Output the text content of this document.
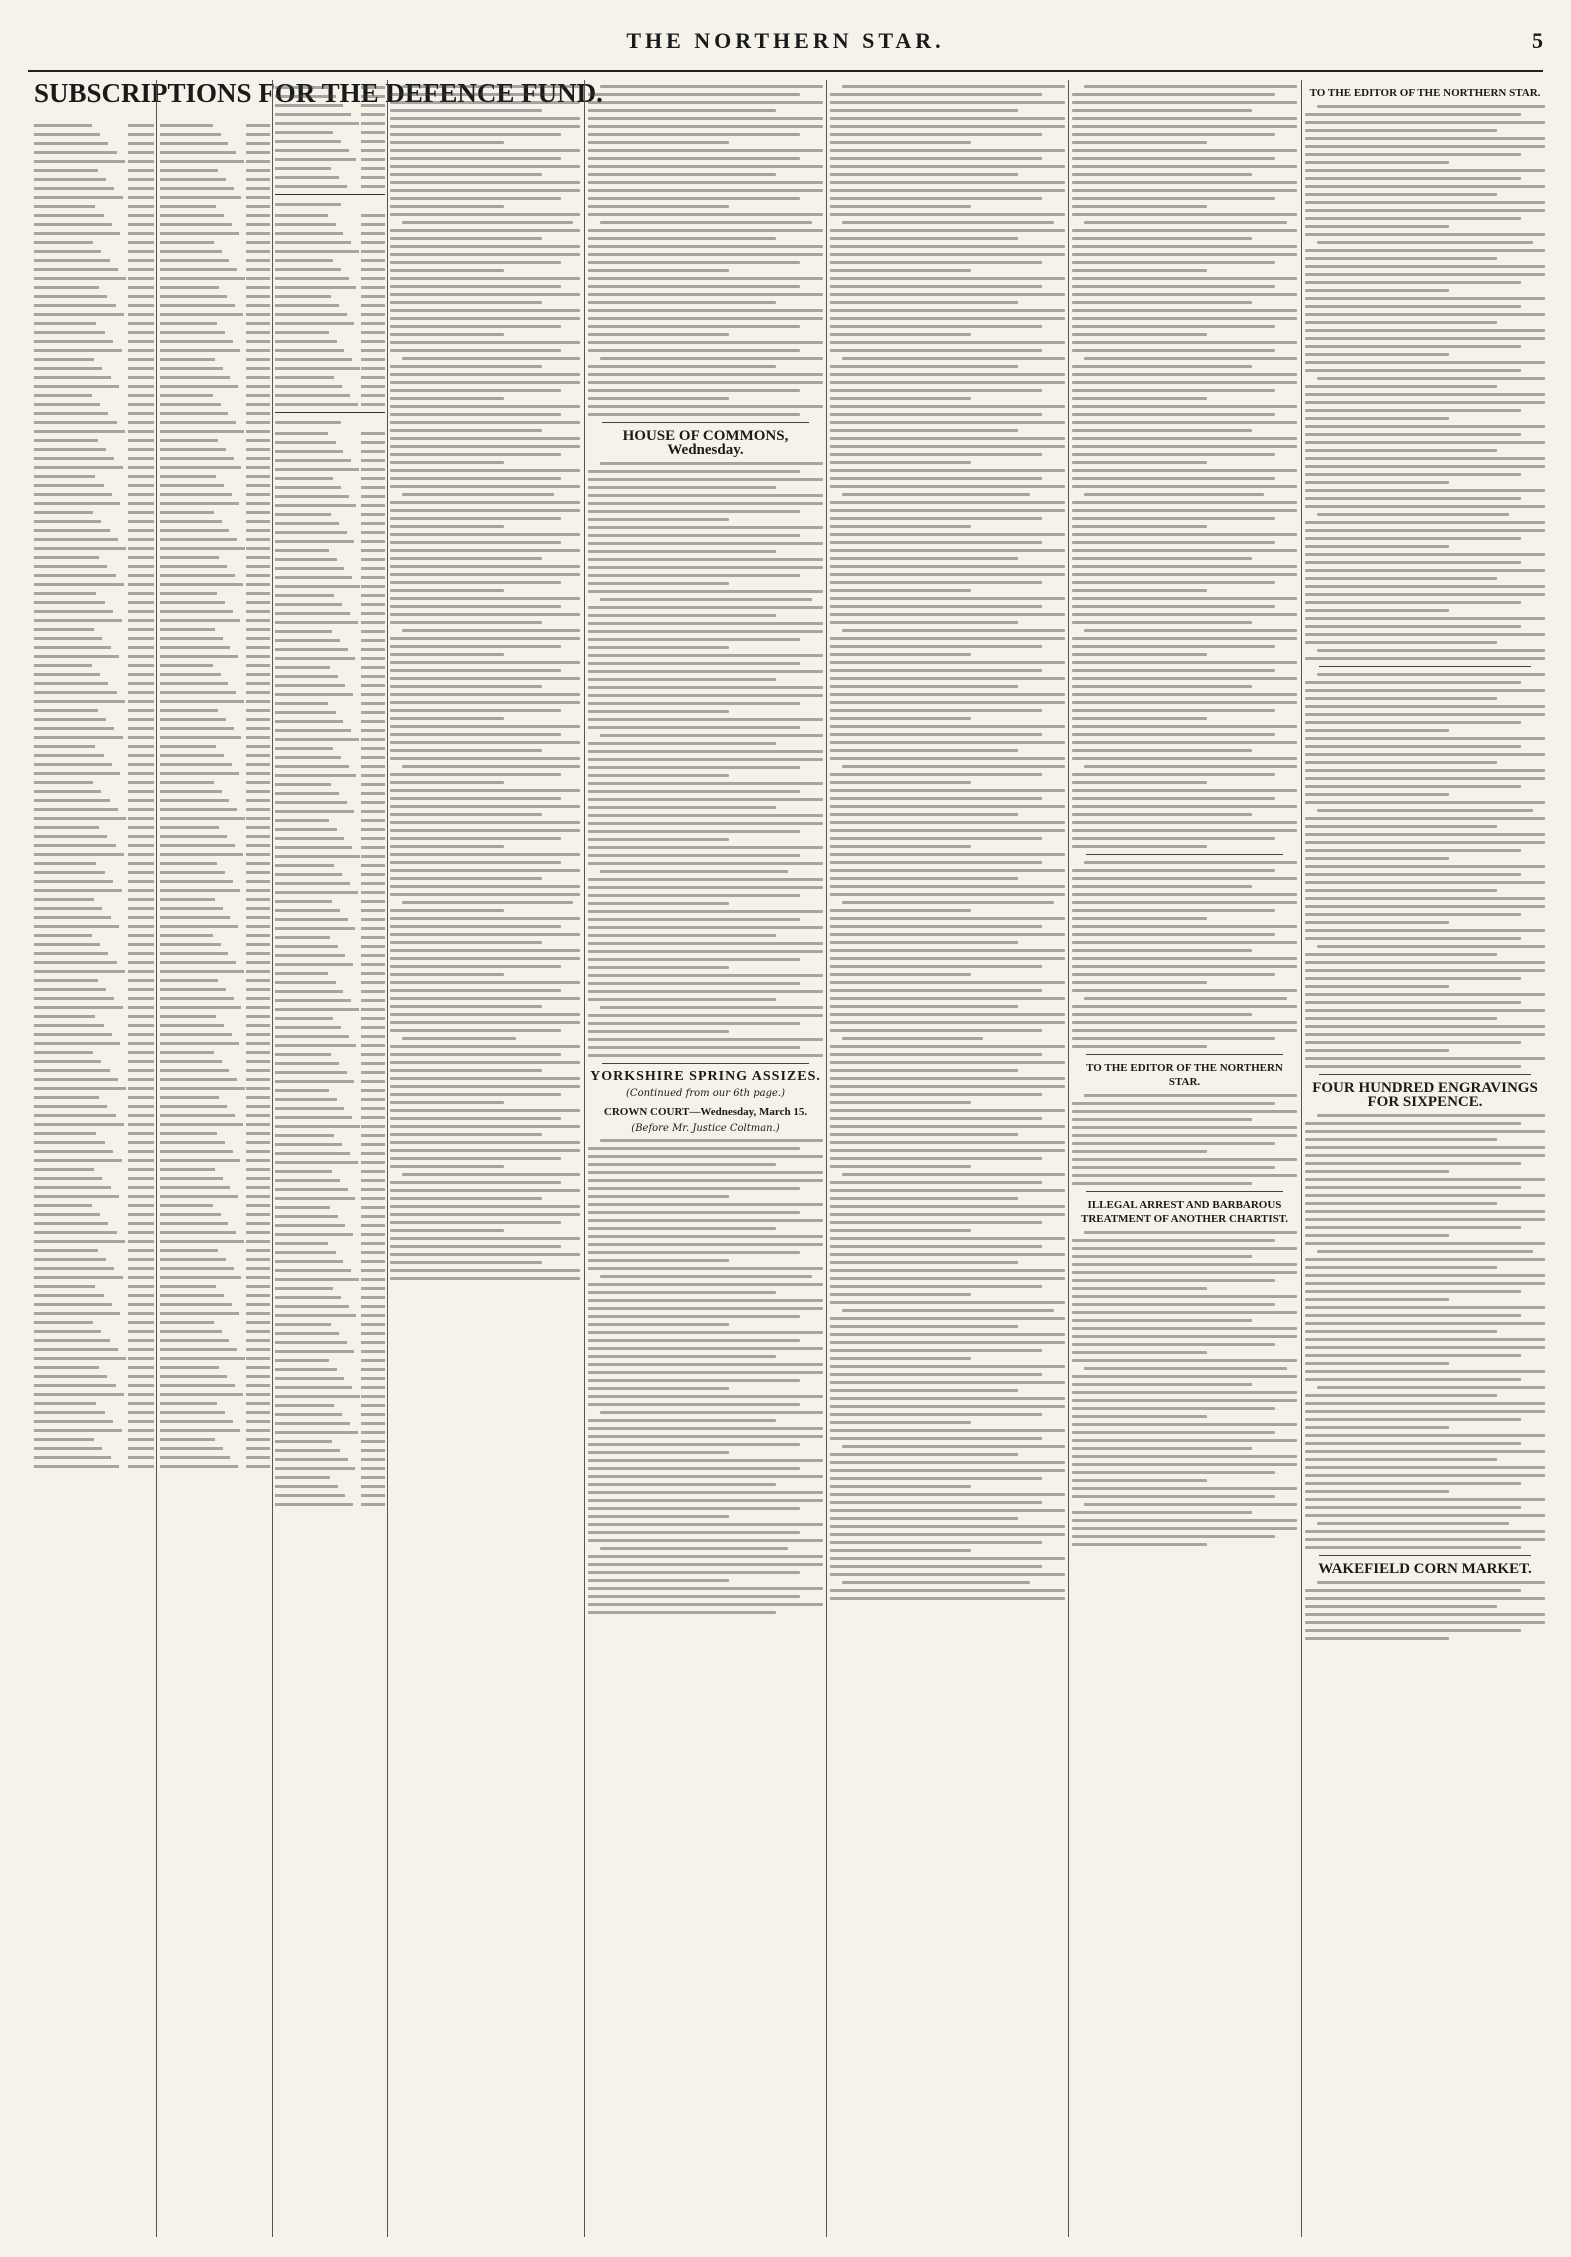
THE NORTHERN STAR.	5
SUBSCRIPTIONS FOR THE DEFENCE FUND.
HOUSE OF COMMONS, Wednesday.
YORKSHIRE SPRING ASSIZES.
(Continued from our 6th page.)
CROWN COURT—Wednesday, March 15.
(Before Mr. Justice Coltman.)
TO THE EDITOR OF THE NORTHERN STAR.
ILLEGAL ARREST AND BARBAROUS TREATMENT OF ANOTHER CHARTIST.
TO THE EDITOR OF THE NORTHERN STAR.
FOUR HUNDRED ENGRAVINGS FOR SIXPENCE.
WAKEFIELD CORN MARKET.
